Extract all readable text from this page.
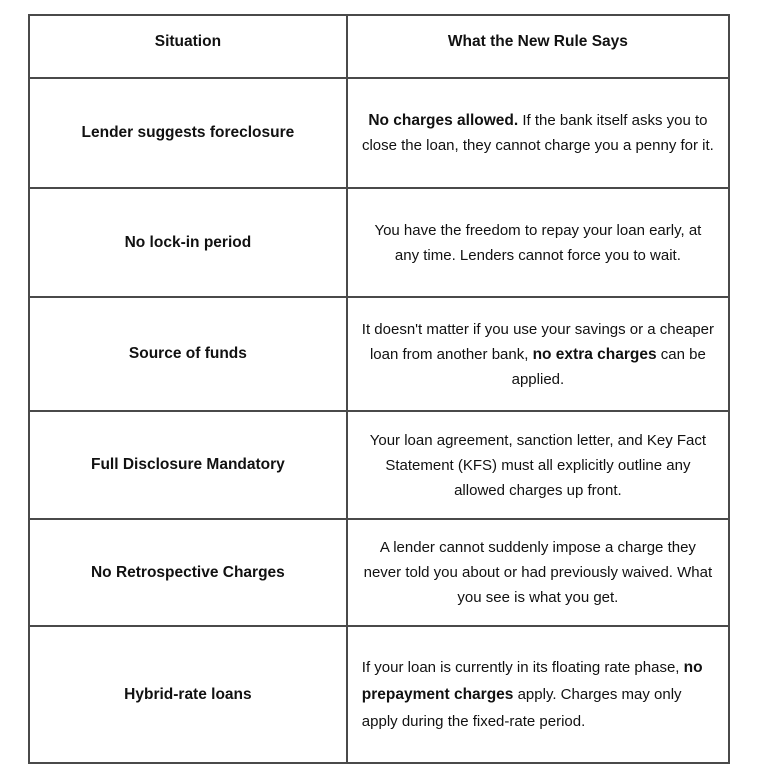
Situation	What the New Rule Says
Lender suggests foreclosure	No charges allowed. If the bank itself asks you to close the loan, they cannot charge you a penny for it.
No lock-in period	You have the freedom to repay your loan early, at any time. Lenders cannot force you to wait.
Source of funds	It doesn't matter if you use your savings or a cheaper loan from another bank, no extra charges can be applied.
Full Disclosure Mandatory	Your loan agreement, sanction letter, and Key Fact Statement (KFS) must all explicitly outline any allowed charges up front.
No Retrospective Charges	A lender cannot suddenly impose a charge they never told you about or had previously waived. What you see is what you get.
Hybrid-rate loans	If your loan is currently in its floating rate phase, no prepayment charges apply. Charges may only apply during the fixed-rate period.
